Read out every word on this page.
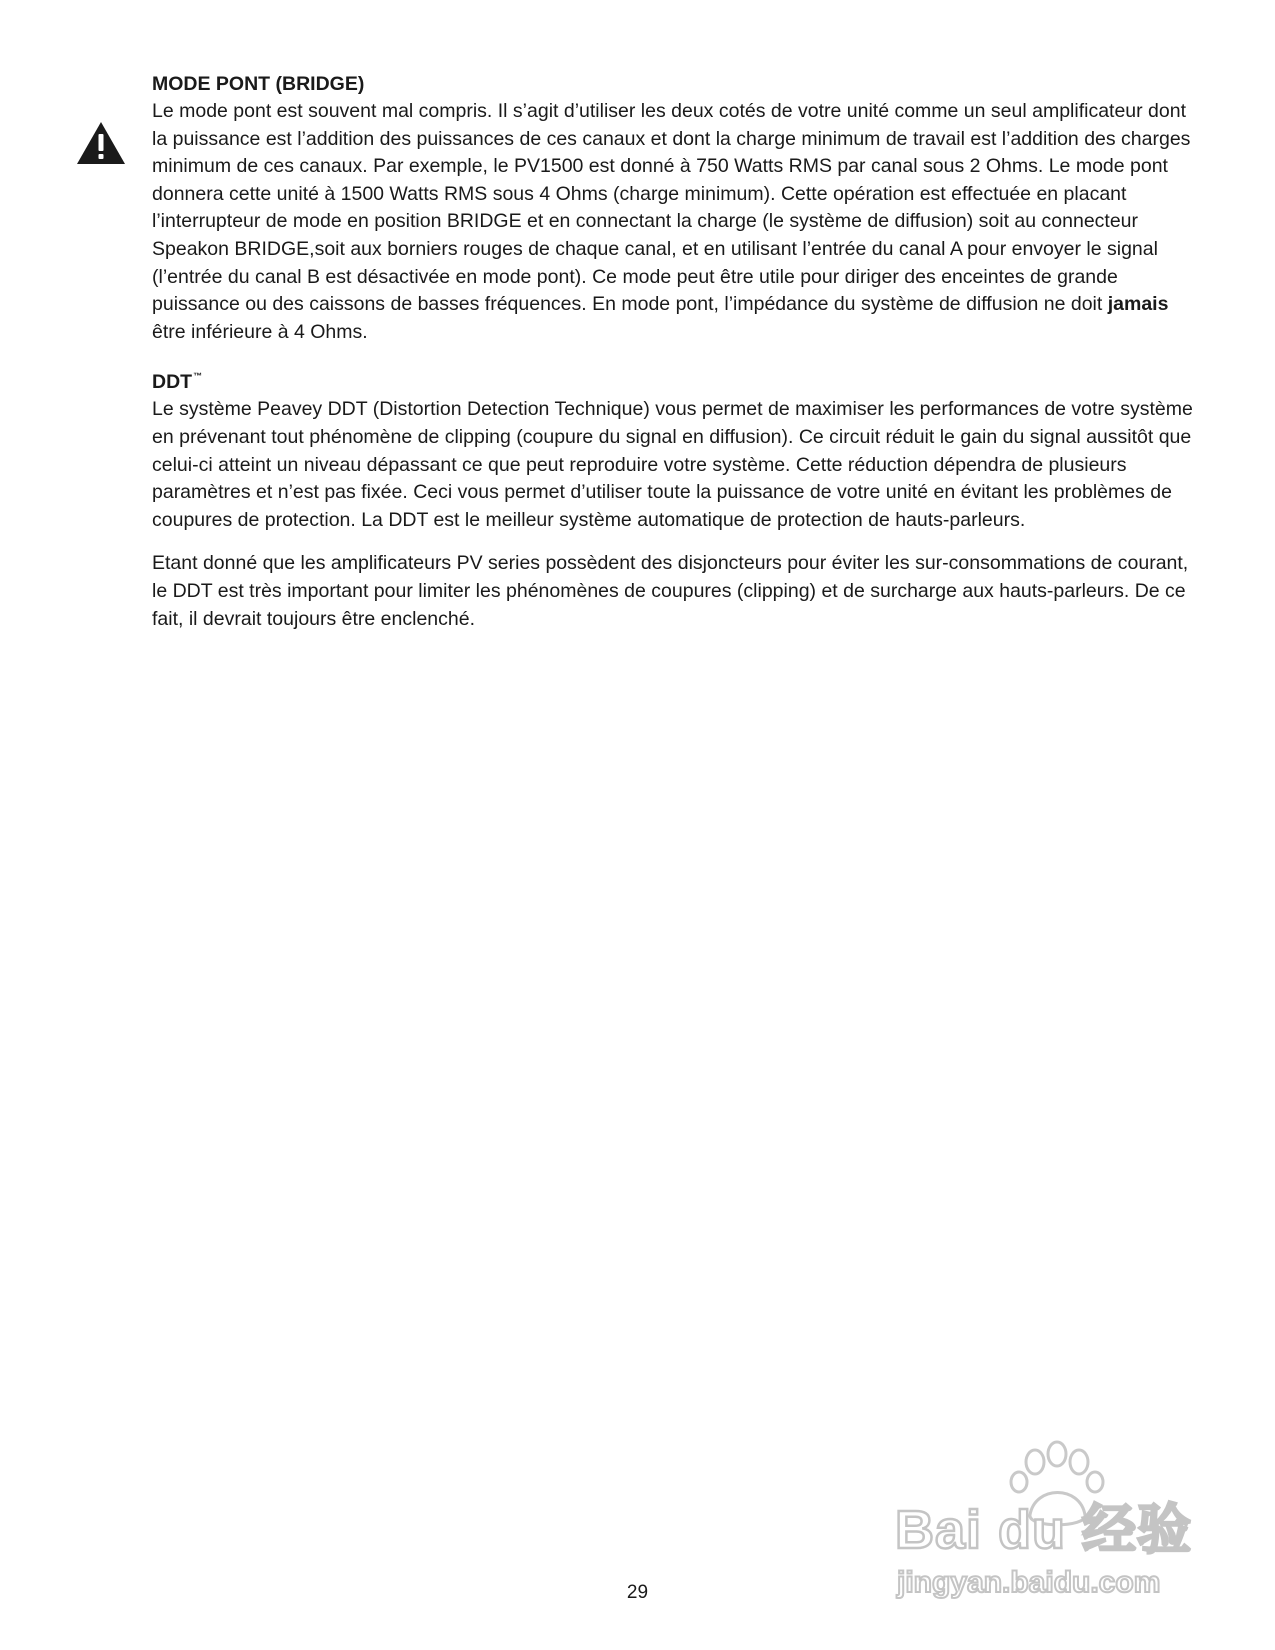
MODE PONT (BRIDGE)

Le mode pont est souvent mal compris. Il s’agit d’utiliser les deux cotés de votre unité comme un seul amplificateur dont la puissance est l’addition des puissances de ces canaux et dont la charge minimum de travail est l’addition des charges minimum de ces canaux. Par exemple, le PV1500 est donné à 750 Watts RMS par canal sous 2 Ohms. Le mode pont donnera cette unité à 1500 Watts RMS sous 4 Ohms (charge minimum). Cette opération est effectuée en placant l’interrupteur de mode en position BRIDGE et en connectant la charge (le système de diffusion) soit au connecteur Speakon BRIDGE,soit aux borniers rouges de chaque canal, et en utilisant l’entrée du canal A pour envoyer le signal (l’entrée du canal B est désactivée en mode pont). Ce mode peut être utile pour diriger des enceintes de grande puissance ou des caissons de basses fréquences. En mode pont, l’impédance du système de diffusion ne doit jamais être inférieure à 4 Ohms.

DDT™

Le système Peavey DDT (Distortion Detection Technique) vous permet de maximiser les performances de votre système en prévenant tout phénomène de clipping (coupure du signal en diffusion). Ce circuit réduit le gain du signal aussitôt que celui-ci atteint un niveau dépassant ce que peut reproduire votre système. Cette réduction dépendra de plusieurs paramètres et n’est pas fixée. Ceci vous permet d’utiliser toute la puissance de votre unité en évitant les problèmes de coupures de protection. La DDT est le meilleur système automatique de protection de hauts-parleurs.

Etant donné que les amplificateurs PV series possèdent des disjoncteurs pour éviter les sur-consommations de courant, le DDT est très important pour limiter les phénomènes de coupures (clipping) et de surcharge aux hauts-parleurs. De ce fait, il devrait toujours être enclenché.

Bai du 经验
jingyan.baidu.com
29
